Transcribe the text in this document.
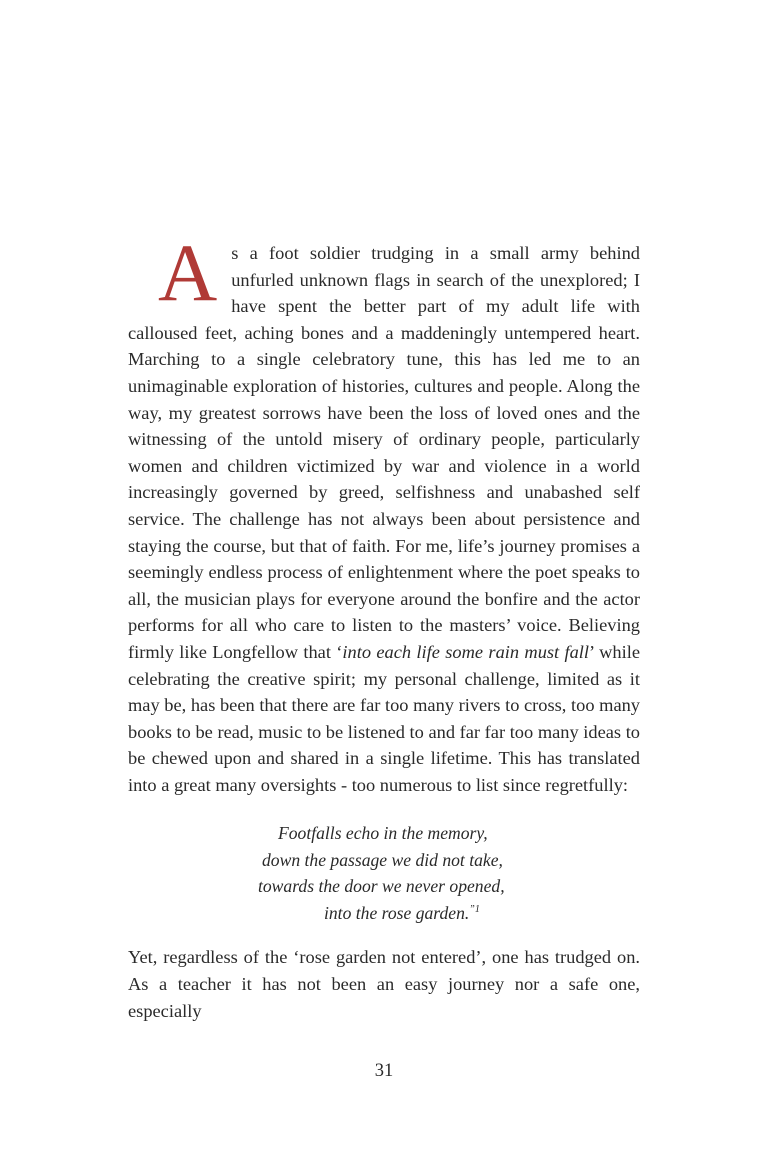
As a foot soldier trudging in a small army behind unfurled unknown flags in search of the unexplored; I have spent the better part of my adult life with calloused feet, aching bones and a maddeningly untempered heart. Marching to a single celebratory tune, this has led me to an unimaginable exploration of histories, cultures and people. Along the way, my greatest sorrows have been the loss of loved ones and the witnessing of the untold misery of ordinary people, particularly women and children victimized by war and violence in a world increasingly governed by greed, selfishness and unabashed self service. The challenge has not always been about persistence and staying the course, but that of faith. For me, life’s journey promises a seemingly endless process of enlightenment where the poet speaks to all, the musician plays for everyone around the bonfire and the actor performs for all who care to listen to the masters’ voice. Believing firmly like Longfellow that ‘into each life some rain must fall’ while celebrating the creative spirit; my personal challenge, limited as it may be, has been that there are far too many rivers to cross, too many books to be read, music to be listened to and far far too many ideas to be chewed upon and shared in a single lifetime. This has translated into a great many oversights - too numerous to list since regretfully:

Footfalls echo in the memory,
down the passage we did not take,
towards the door we never opened,
into the rose garden.$^{”1}$

Yet, regardless of the ‘rose garden not entered’, one has trudged on. As a teacher it has not been an easy journey nor a safe one, especially

31
